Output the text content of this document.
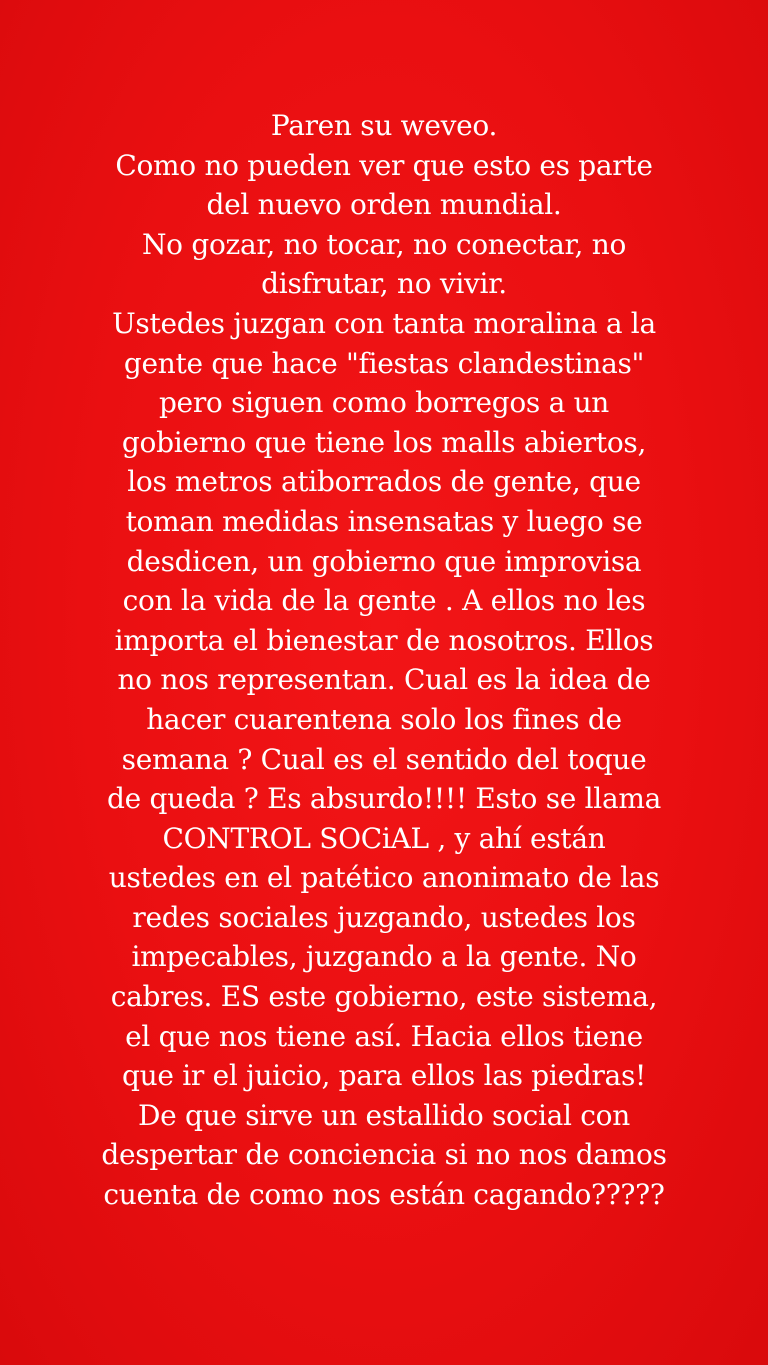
Paren su weveo.
Como no pueden ver que esto es parte
del nuevo orden mundial.
No gozar, no tocar, no conectar, no
disfrutar, no vivir.
Ustedes juzgan con tanta moralina a la
gente que hace "fiestas clandestinas"
pero siguen como borregos a un
gobierno que tiene los malls abiertos,
los metros atiborrados de gente, que
toman medidas insensatas y luego se
desdicen, un gobierno que improvisa
con la vida de la gente . A ellos no les
importa el bienestar de nosotros. Ellos
no nos representan. Cual es la idea de
hacer cuarentena solo los fines de
semana ? Cual es el sentido del toque
de queda ? Es absurdo!!!! Esto se llama
CONTROL SOCiAL , y ahí están
ustedes en el patético anonimato de las
redes sociales juzgando, ustedes los
impecables, juzgando a la gente. No
cabres. ES este gobierno, este sistema,
el que nos tiene así. Hacia ellos tiene
que ir el juicio, para ellos las piedras!
De que sirve un estallido social con
despertar de conciencia si no nos damos
cuenta de como nos están cagando?????
